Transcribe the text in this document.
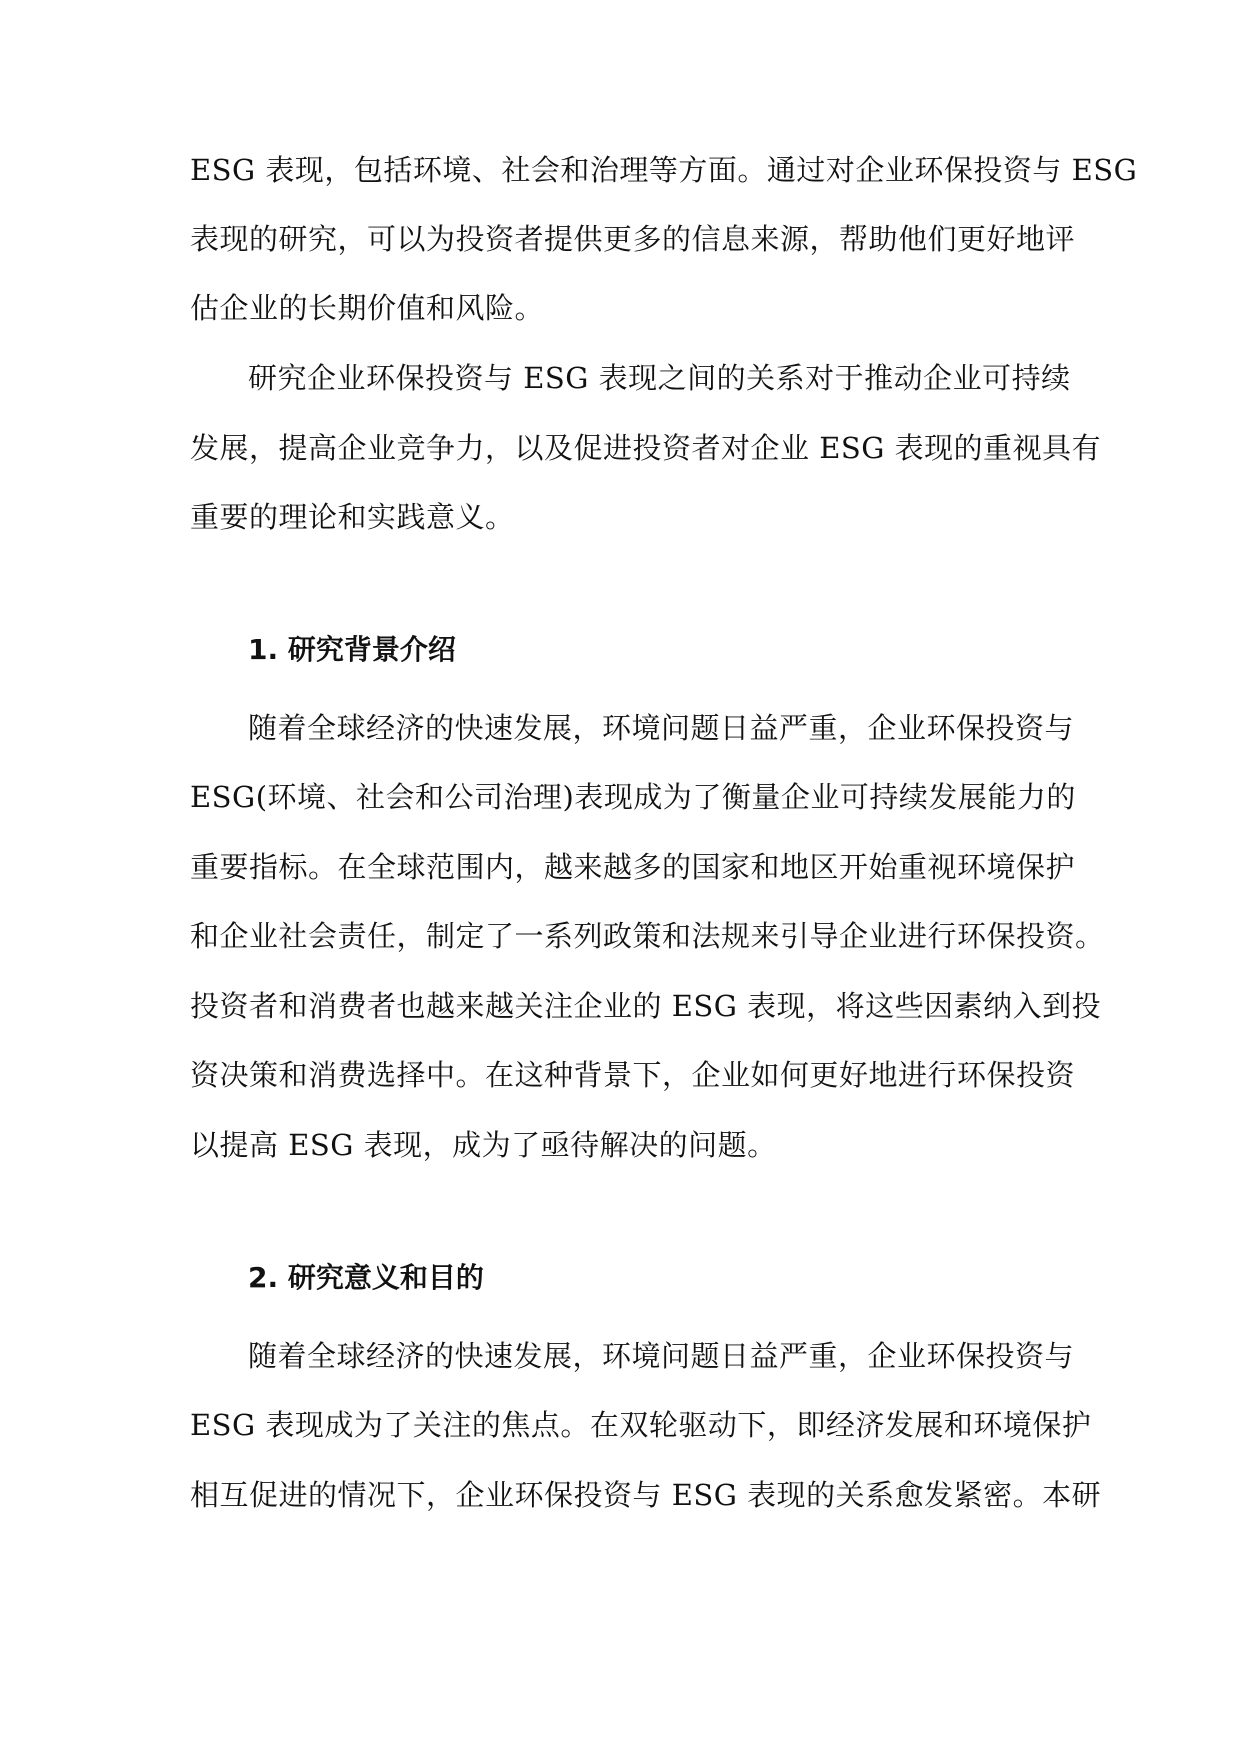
ESG 表现，包括环境、社会和治理等方面。通过对企业环保投资与 ESG
表现的研究，可以为投资者提供更多的信息来源，帮助他们更好地评
估企业的长期价值和风险。
研究企业环保投资与 ESG 表现之间的关系对于推动企业可持续
发展，提高企业竞争力，以及促进投资者对企业 ESG 表现的重视具有
重要的理论和实践意义。
1. 研究背景介绍
随着全球经济的快速发展，环境问题日益严重，企业环保投资与
ESG(环境、社会和公司治理)表现成为了衡量企业可持续发展能力的
重要指标。在全球范围内，越来越多的国家和地区开始重视环境保护
和企业社会责任，制定了一系列政策和法规来引导企业进行环保投资。
投资者和消费者也越来越关注企业的 ESG 表现，将这些因素纳入到投
资决策和消费选择中。在这种背景下，企业如何更好地进行环保投资
以提高 ESG 表现，成为了亟待解决的问题。
2. 研究意义和目的
随着全球经济的快速发展，环境问题日益严重，企业环保投资与
ESG 表现成为了关注的焦点。在双轮驱动下，即经济发展和环境保护
相互促进的情况下，企业环保投资与 ESG 表现的关系愈发紧密。本研
